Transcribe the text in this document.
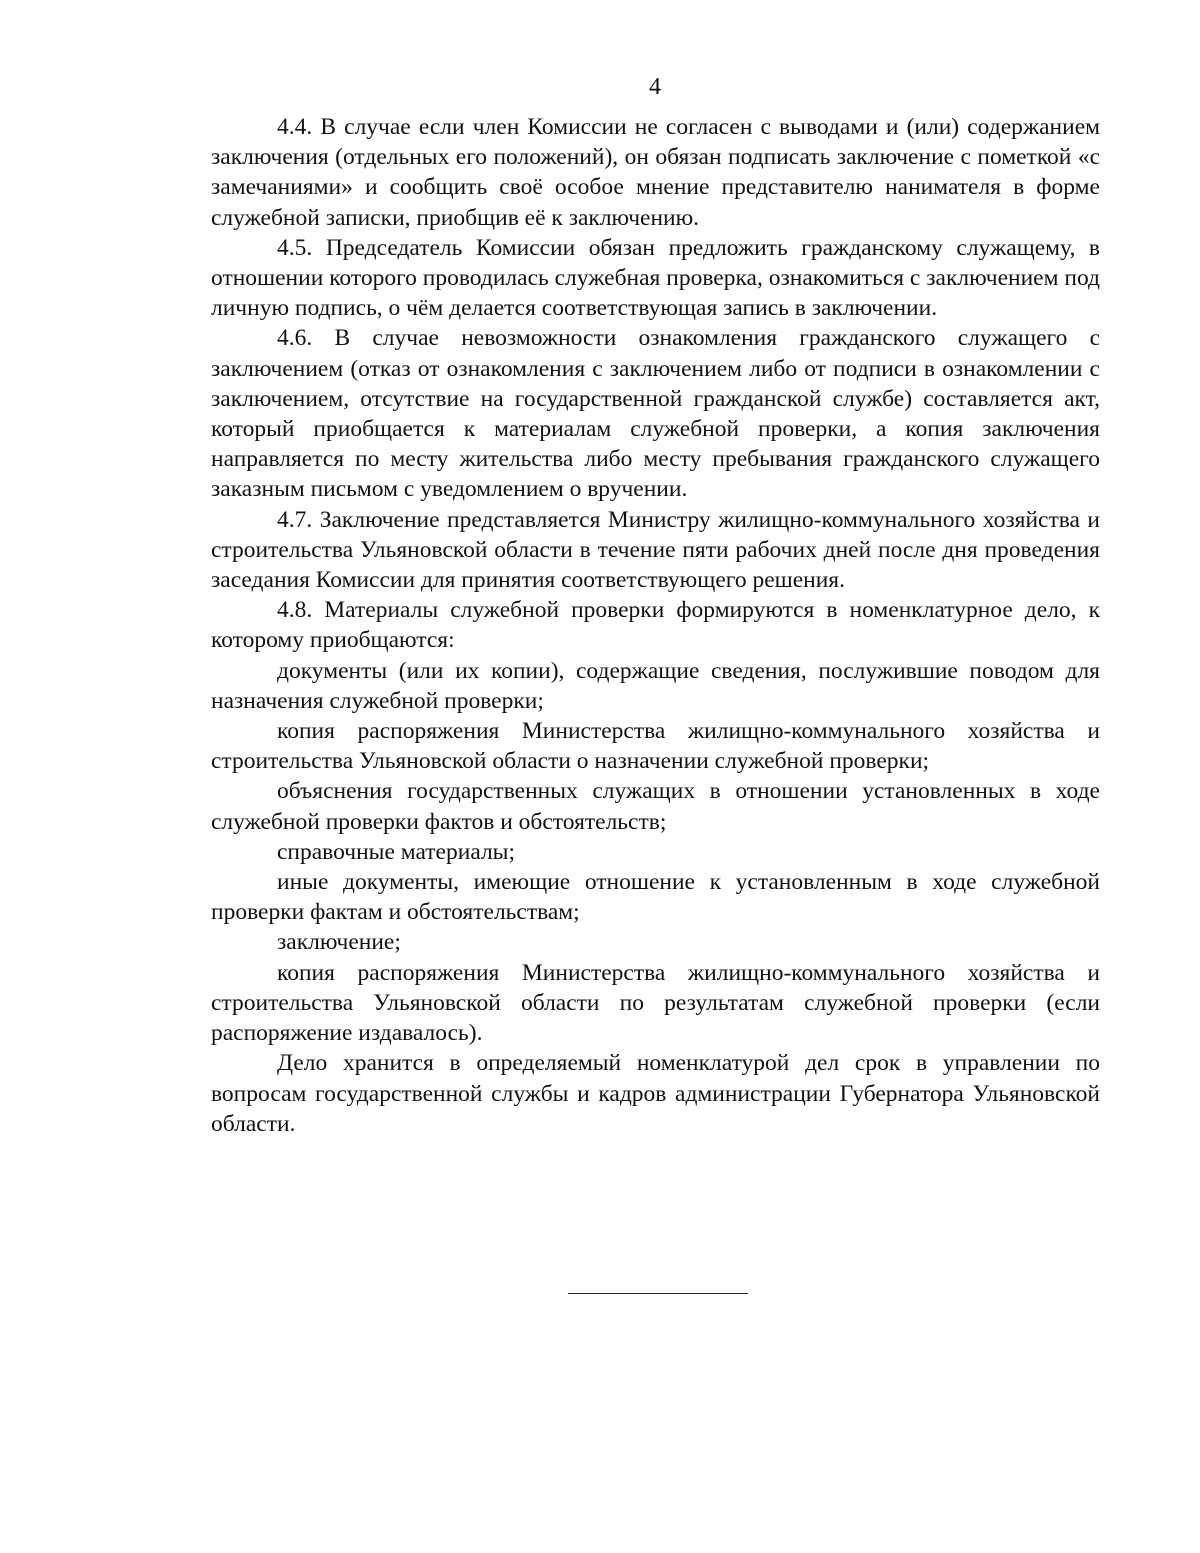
4

4.4. В случае если член Комиссии не согласен с выводами и (или) содержанием заключения (отдельных его положений), он обязан подписать заключение с пометкой «с замечаниями» и сообщить своё особое мнение представителю нанимателя в форме служебной записки, приобщив её к заключению.

4.5. Председатель Комиссии обязан предложить гражданскому служащему, в отношении которого проводилась служебная проверка, ознакомиться с заключением под личную подпись, о чём делается соответствующая запись в заключении.

4.6. В случае невозможности ознакомления гражданского служащего с заключением (отказ от ознакомления с заключением либо от подписи в ознакомлении с заключением, отсутствие на государственной гражданской службе) составляется акт, который приобщается к материалам служебной проверки, а копия заключения направляется по месту жительства либо месту пребывания гражданского служащего заказным письмом с уведомлением о вручении.

4.7. Заключение представляется Министру жилищно-коммунального хозяйства и строительства Ульяновской области в течение пяти рабочих дней после дня проведения заседания Комиссии для принятия соответствующего решения.

4.8. Материалы служебной проверки формируются в номенклатурное дело, к которому приобщаются:

документы (или их копии), содержащие сведения, послужившие поводом для назначения служебной проверки;

копия распоряжения Министерства жилищно-коммунального хозяйства и строительства Ульяновской области о назначении служебной проверки;

объяснения государственных служащих в отношении установленных в ходе служебной проверки фактов и обстоятельств;

справочные материалы;

иные документы, имеющие отношение к установленным в ходе служебной проверки фактам и обстоятельствам;

заключение;

копия распоряжения Министерства жилищно-коммунального хозяйства и строительства Ульяновской области по результатам служебной проверки (если распоряжение издавалось).

Дело хранится в определяемый номенклатурой дел срок в управлении по вопросам государственной службы и кадров администрации Губернатора Ульяновской области.
